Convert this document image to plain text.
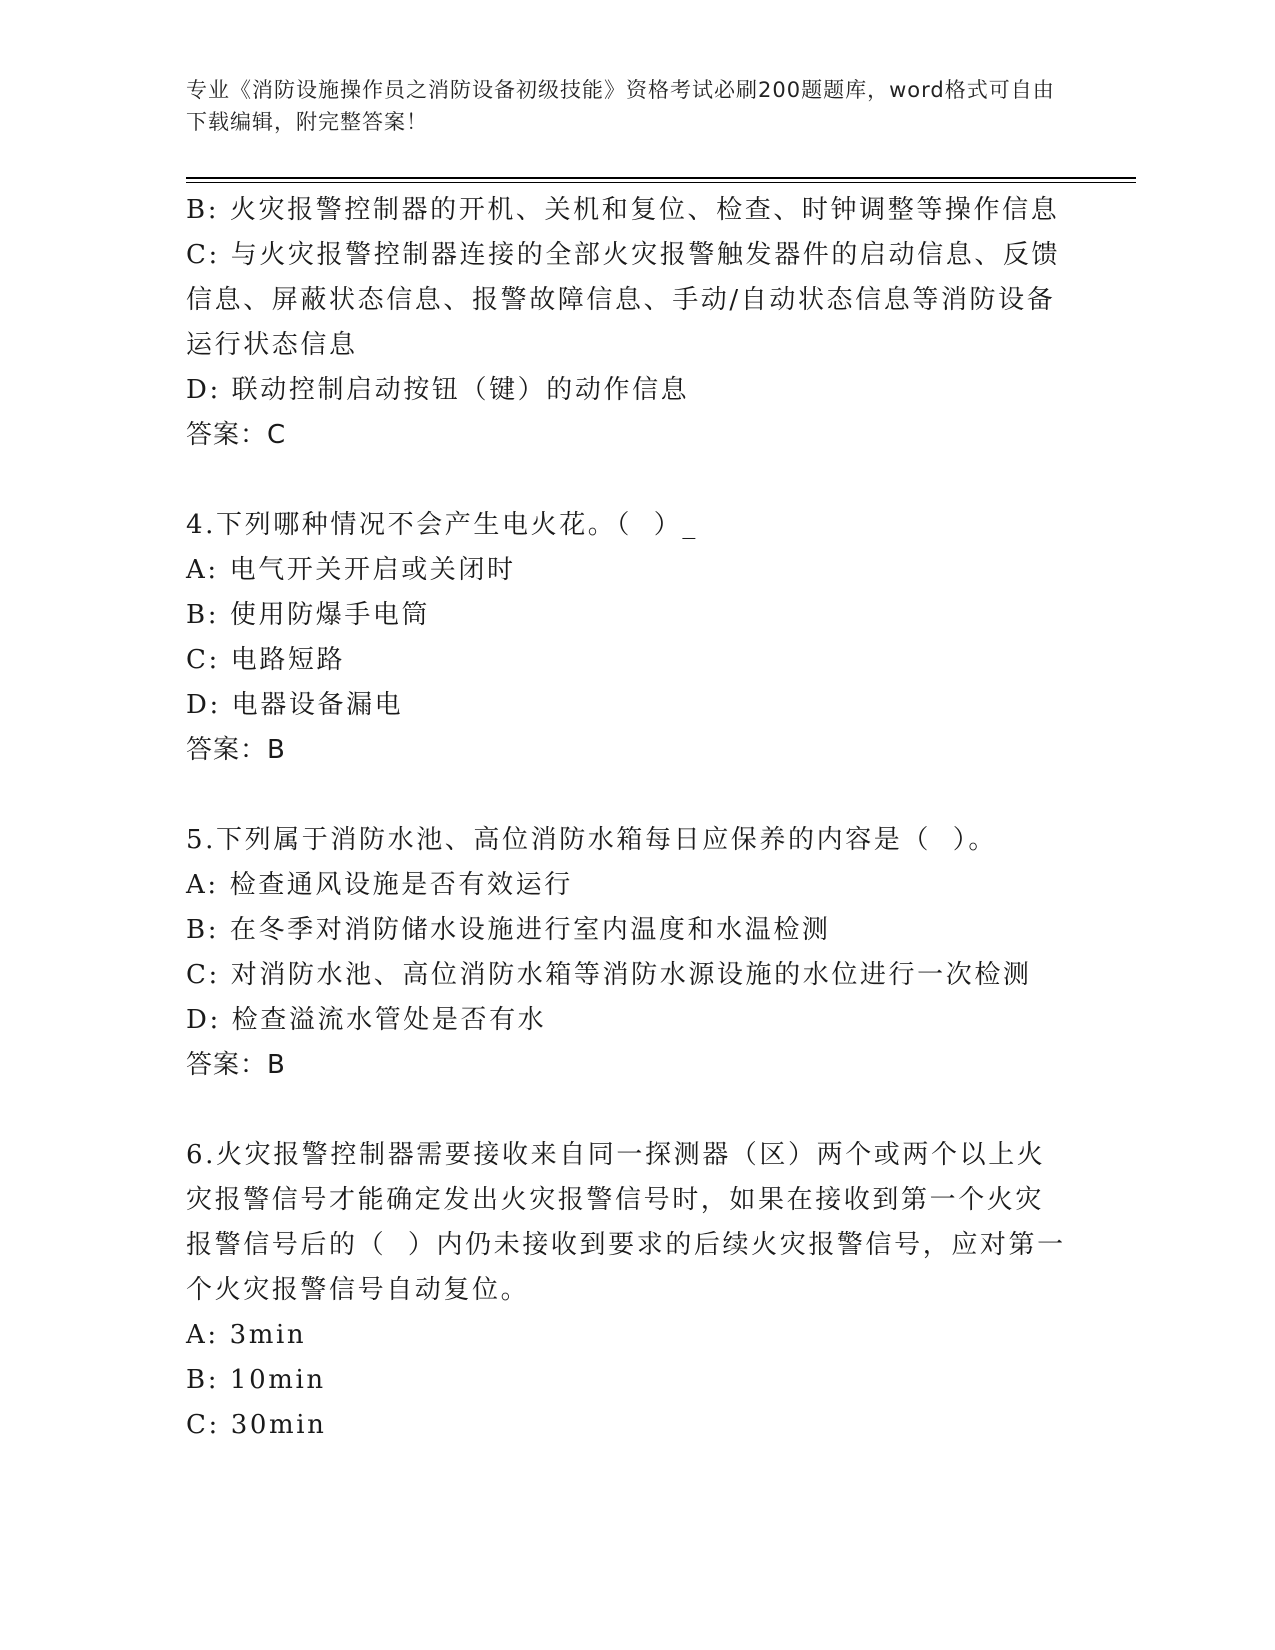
专业《消防设施操作员之消防设备初级技能》资格考试必刷200题题库，word格式可自由下载编辑，附完整答案！
B: 火灾报警控制器的开机、关机和复位、检查、时钟调整等操作信息
C: 与火灾报警控制器连接的全部火灾报警触发器件的启动信息、反馈信息、屏蔽状态信息、报警故障信息、手动/自动状态信息等消防设备运行状态信息
D: 联动控制启动按钮（键）的动作信息
答案：C
4.下列哪种情况不会产生电火花。（  ）_
A: 电气开关开启或关闭时
B: 使用防爆手电筒
C: 电路短路
D: 电器设备漏电
答案：B
5.下列属于消防水池、高位消防水箱每日应保养的内容是（  ）。
A: 检查通风设施是否有效运行
B: 在冬季对消防储水设施进行室内温度和水温检测
C: 对消防水池、高位消防水箱等消防水源设施的水位进行一次检测
D: 检查溢流水管处是否有水
答案：B
6.火灾报警控制器需要接收来自同一探测器（区）两个或两个以上火灾报警信号才能确定发出火灾报警信号时，如果在接收到第一个火灾报警信号后的（  ）内仍未接收到要求的后续火灾报警信号，应对第一个火灾报警信号自动复位。
A: 3min
B: 10min
C: 30min
